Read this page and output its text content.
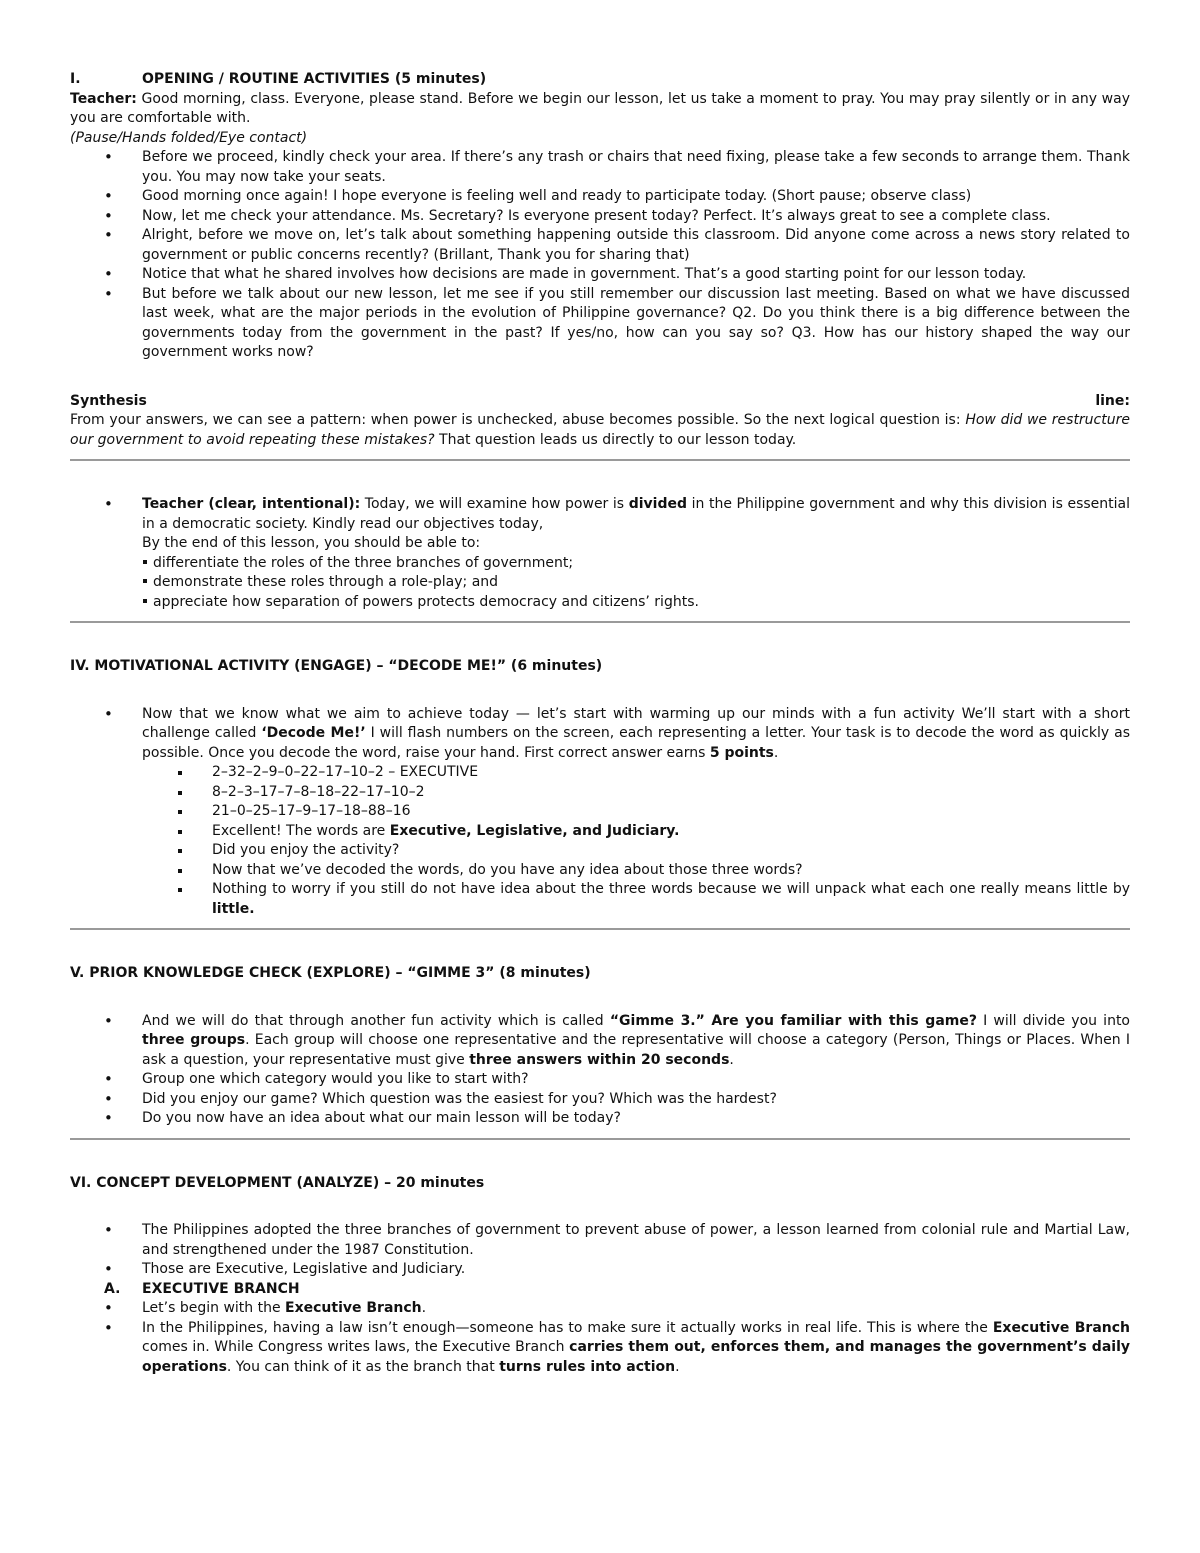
I.	OPENING / ROUTINE ACTIVITIES (5 minutes)

Teacher: Good morning, class. Everyone, please stand. Before we begin our lesson, let us take a moment to pray. You may pray silently or in any way you are comfortable with.

(Pause/Hands folded/Eye contact)

• Before we proceed, kindly check your area. If there’s any trash or chairs that need fixing, please take a few seconds to arrange them. Thank you. You may now take your seats.
• Good morning once again! I hope everyone is feeling well and ready to participate today. (Short pause; observe class)
• Now, let me check your attendance. Ms. Secretary? Is everyone present today? Perfect. It’s always great to see a complete class.
• Alright, before we move on, let’s talk about something happening outside this classroom. Did anyone come across a news story related to government or public concerns recently? (Brillant, Thank you for sharing that)
• Notice that what he shared involves how decisions are made in government. That’s a good starting point for our lesson today.
• But before we talk about our new lesson, let me see if you still remember our discussion last meeting. Based on what we have discussed last week, what are the major periods in the evolution of Philippine governance? Q2. Do you think there is a big difference between the governments today from the government in the past? If yes/no, how can you say so? Q3. How has our history shaped the way our government works now?
Synthesis	line:

From your answers, we can see a pattern: when power is unchecked, abuse becomes possible. So the next logical question is: How did we restructure our government to avoid repeating these mistakes? That question leads us directly to our lesson today.

• Teacher (clear, intentional): Today, we will examine how power is divided in the Philippine government and why this division is essential in a democratic society. Kindly read our objectives today,
By the end of this lesson, you should be able to:
differentiate the roles of the three branches of government;
demonstrate these roles through a role-play; and
appreciate how separation of powers protects democracy and citizens’ rights.

IV. MOTIVATIONAL ACTIVITY (ENGAGE) – “DECODE ME!” (6 minutes)

• Now that we know what we aim to achieve today — let’s start with warming up our minds with a fun activity We’ll start with a short challenge called ‘Decode Me!’ I will flash numbers on the screen, each representing a letter. Your task is to decode the word as quickly as possible. Once you decode the word, raise your hand. First correct answer earns 5 points.
2–32–2–9–0–22–17–10–2 – EXECUTIVE
8–2–3–17–7–8–18–22–17–10–2
21–0–25–17–9–17–18–88–16
Excellent! The words are Executive, Legislative, and Judiciary.
Did you enjoy the activity?
Now that we’ve decoded the words, do you have any idea about those three words?
Nothing to worry if you still do not have idea about the three words because we will unpack what each one really means little by little.

V. PRIOR KNOWLEDGE CHECK (EXPLORE) – “GIMME 3” (8 minutes)

• And we will do that through another fun activity which is called “Gimme 3.” Are you familiar with this game? I will divide you into three groups. Each group will choose one representative and the representative will choose a category (Person, Things or Places. When I ask a question, your representative must give three answers within 20 seconds.
• Group one which category would you like to start with?
• Did you enjoy our game? Which question was the easiest for you? Which was the hardest?
• Do you now have an idea about what our main lesson will be today?

VI. CONCEPT DEVELOPMENT (ANALYZE) – 20 minutes

• The Philippines adopted the three branches of government to prevent abuse of power, a lesson learned from colonial rule and Martial Law, and strengthened under the 1987 Constitution.
• Those are Executive, Legislative and Judiciary.
A. EXECUTIVE BRANCH
• Let’s begin with the Executive Branch.
• In the Philippines, having a law isn’t enough—someone has to make sure it actually works in real life. This is where the Executive Branch comes in. While Congress writes laws, the Executive Branch carries them out, enforces them, and manages the government’s daily operations. You can think of it as the branch that turns rules into action.
